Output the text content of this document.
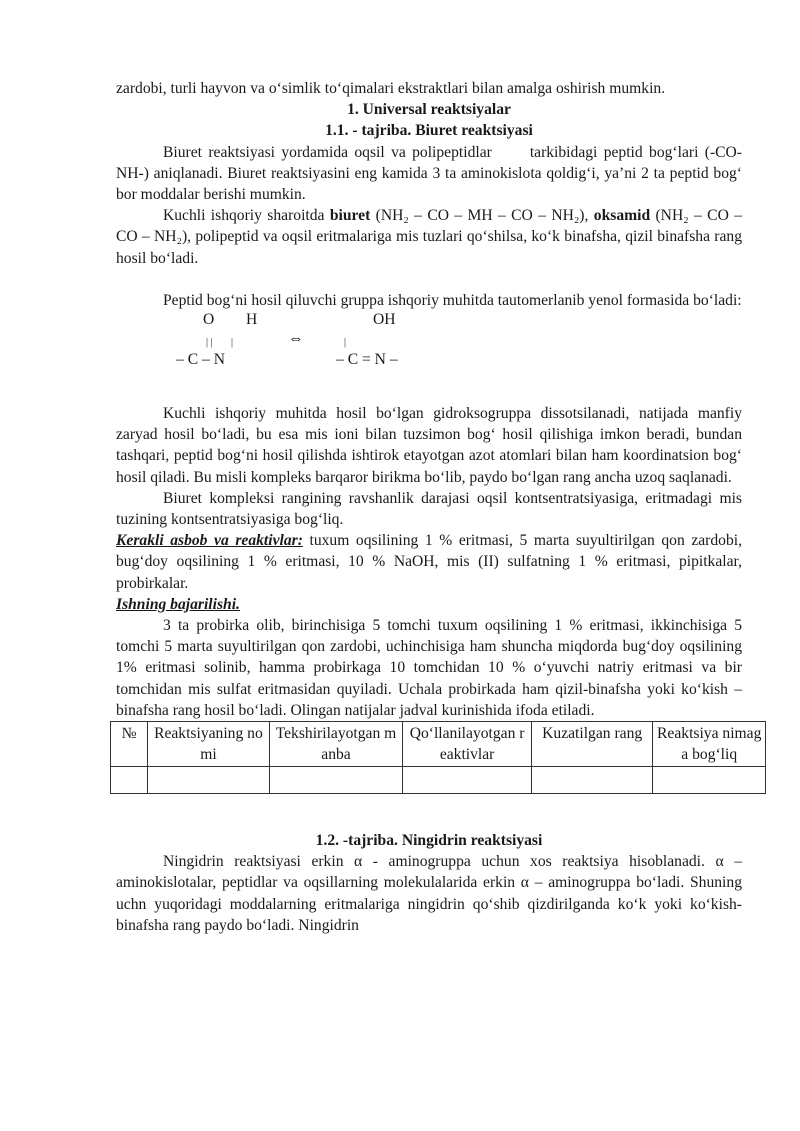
zardobi, turli hayvon va o‘simlik to‘qimalari ekstraktlari bilan amalga oshirish mumkin.

1. Universal reaktsiyalar
1.1. - tajriba. Biuret reaktsiyasi

Biuret reaktsiyasi yordamida oqsil va polipeptidlar tarkibidagi peptid bog‘lari (-CO-NH-) aniqlanadi. Biuret reaktsiyasini eng kamida 3 ta aminokislota qoldig‘i, ya’ni 2 ta peptid bog‘ bor moddalar berishi mumkin.

Kuchli ishqoriy sharoitda biuret (NH₂ – CO – MH – CO – NH₂), oksamid (NH₂ – CO – CO – NH₂), polipeptid va oqsil eritmalariga mis tuzlari qo‘shilsa, ko‘k binafsha, qizil binafsha rang hosil bo‘ladi.

Peptid bog‘ni hosil qiluvchi gruppa ishqoriy muhitda tautomerlanib yenol formasida bo‘ladi:

O H	OH
| | |	|
⇔
– C – N	– C = N –

Kuchli ishqoriy muhitda hosil bo‘lgan gidroksogruppa dissotsilanadi, natijada manfiy zaryad hosil bo‘ladi, bu esa mis ioni bilan tuzsimon bog‘ hosil qilishiga imkon beradi, bundan tashqari, peptid bog‘ni hosil qilishda ishtirok etayotgan azot atomlari bilan ham koordinatsion bog‘ hosil qiladi. Bu misli kompleks barqaror birikma bo‘lib, paydo bo‘lgan rang ancha uzoq saqlanadi.

Biuret kompleksi rangining ravshanlik darajasi oqsil kontsentratsiyasiga, eritmadagi mis tuzining kontsentratsiyasiga bog‘liq.

Kerakli asbob va reaktivlar: tuxum oqsilining 1 % eritmasi, 5 marta suyultirilgan qon zardobi, bug‘doy oqsilining 1 % eritmasi, 10 % NaOH, mis (II) sulfatning 1 % eritmasi, pipitkalar, probirkalar.

Ishning bajarilishi.

3 ta probirka olib, birinchisiga 5 tomchi tuxum oqsilining 1 % eritmasi, ikkinchisiga 5 tomchi 5 marta suyultirilgan qon zardobi, uchinchisiga ham shuncha miqdorda bug‘doy oqsilining 1% eritmasi solinib, hamma probirkaga 10 tomchidan 10 % o‘yuvchi natriy eritmasi va bir tomchidan mis sulfat eritmasidan quyiladi. Uchala probirkada ham qizil-binafsha yoki ko‘kish – binafsha rang hosil bo‘ladi. Olingan natijalar jadval kurinishida ifoda etiladi.

№	Reaktsiyaning nomi	Tekshirilayotgan manba	Qo‘llanilayotgan reaktivlar	Kuzatilgan rang	Reaktsiya nimaga bog‘liq

1.2. -tajriba. Ningidrin reaktsiyasi

Ningidrin reaktsiyasi erkin α - aminogruppa uchun xos reaktsiya hisoblanadi. α – aminokislotalar, peptidlar va oqsillarning molekulalarida erkin α – aminogruppa bo‘ladi. Shuning uchn yuqoridagi moddalarning eritmalariga ningidrin qo‘shib qizdirilganda ko‘k yoki ko‘kish-binafsha rang paydo bo‘ladi. Ningidrin
